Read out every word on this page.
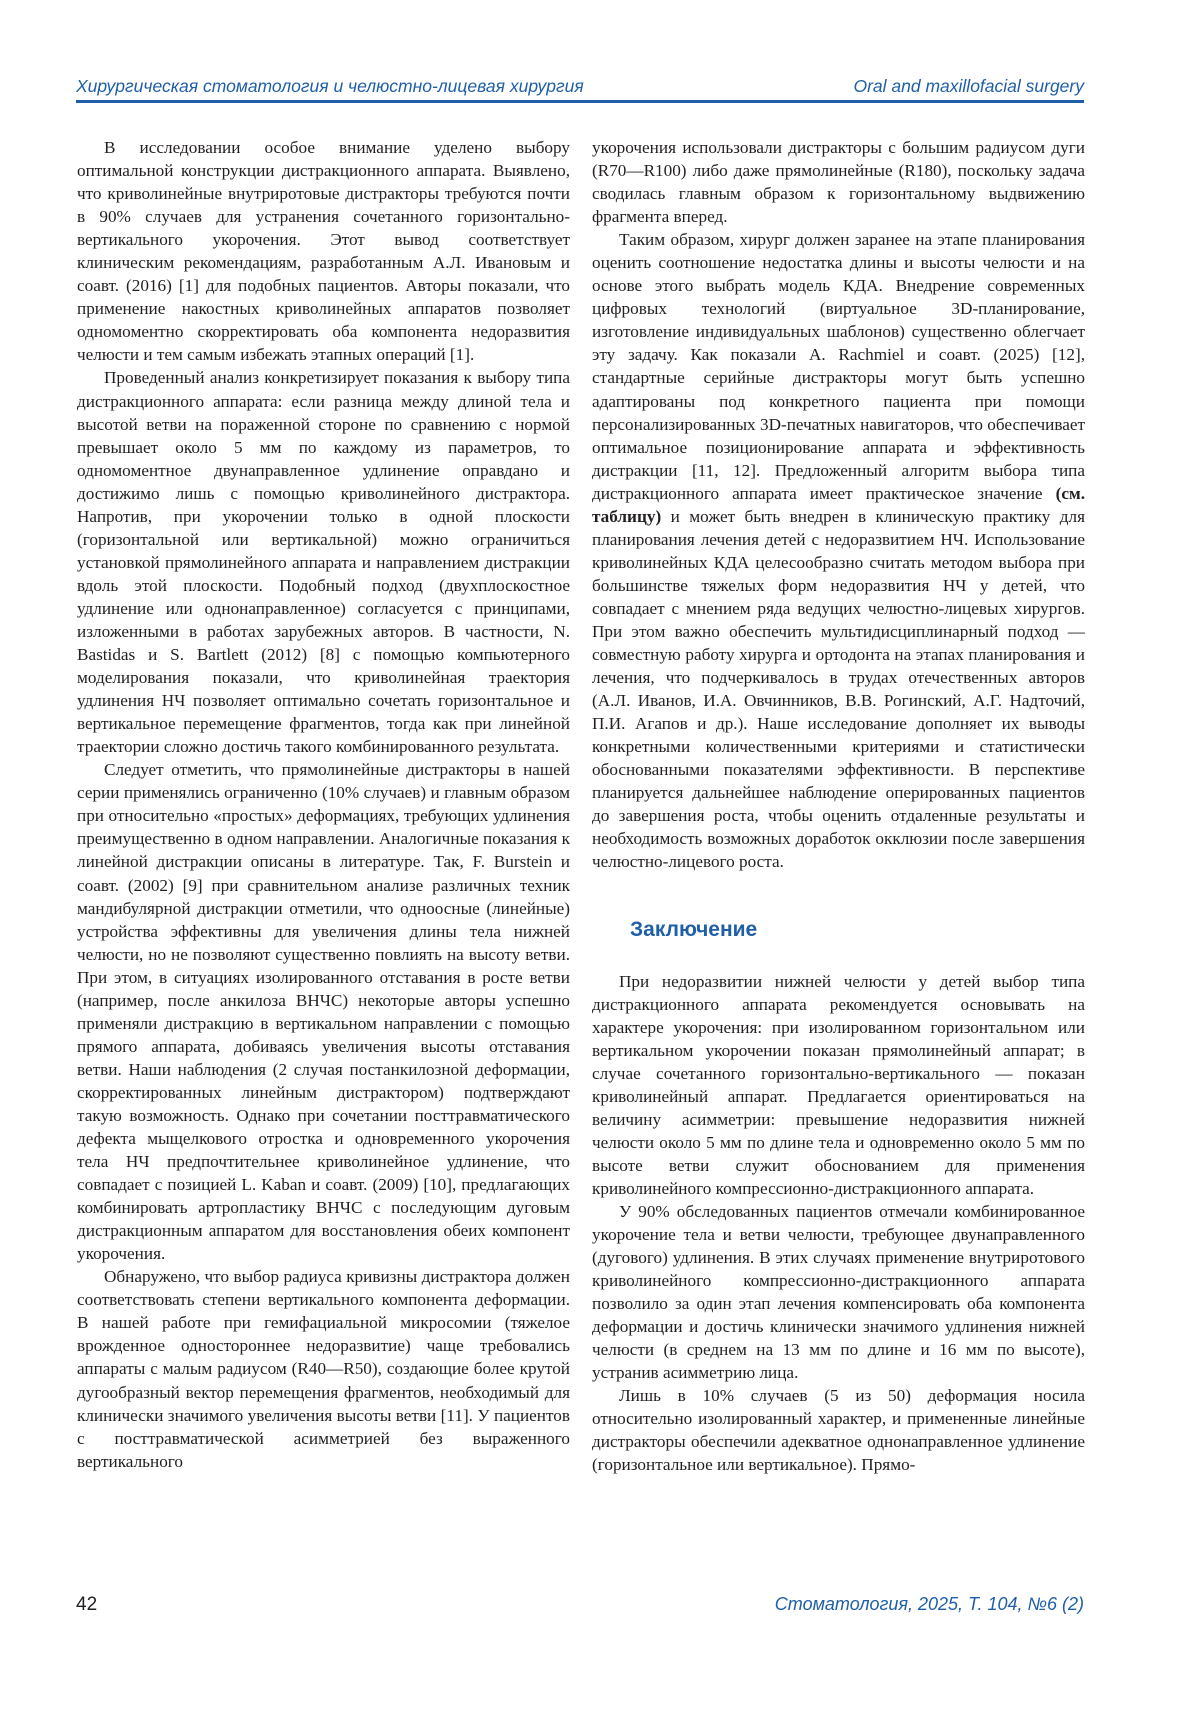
Хирургическая стоматология и челюстно-лицевая хирургия	Oral and maxillofacial surgery

В исследовании особое внимание уделено выбору оптимальной конструкции дистракционного аппарата. Выявлено, что криволинейные внутриротовые дистракторы требуются почти в 90% случаев для устранения сочетанного горизонтально-вертикального укорочения. Этот вывод соответствует клиническим рекомендациям, разработанным А.Л. Ивановым и соавт. (2016) [1] для подобных пациентов. Авторы показали, что применение накостных криволинейных аппаратов позволяет одномоментно скорректировать оба компонента недоразвития челюсти и тем самым избежать этапных операций [1].

Проведенный анализ конкретизирует показания к выбору типа дистракционного аппарата: если разница между длиной тела и высотой ветви на пораженной стороне по сравнению с нормой превышает около 5 мм по каждому из параметров, то одномоментное двунаправленное удлинение оправдано и достижимо лишь с помощью криволинейного дистрактора. Напротив, при укорочении только в одной плоскости (горизонтальной или вертикальной) можно ограничиться установкой прямолинейного аппарата и направлением дистракции вдоль этой плоскости. Подобный подход (двухплоскостное удлинение или однонаправленное) согласуется с принципами, изложенными в работах зарубежных авторов. В частности, N. Bastidas и S. Bartlett (2012) [8] с помощью компьютерного моделирования показали, что криволинейная траектория удлинения НЧ позволяет оптимально сочетать горизонтальное и вертикальное перемещение фрагментов, тогда как при линейной траектории сложно достичь такого комбинированного результата.

Следует отметить, что прямолинейные дистракторы в нашей серии применялись ограниченно (10% случаев) и главным образом при относительно «простых» деформациях, требующих удлинения преимущественно в одном направлении. Аналогичные показания к линейной дистракции описаны в литературе. Так, F. Burstein и соавт. (2002) [9] при сравнительном анализе различных техник мандибулярной дистракции отметили, что одноосные (линейные) устройства эффективны для увеличения длины тела нижней челюсти, но не позволяют существенно повлиять на высоту ветви. При этом, в ситуациях изолированного отставания в росте ветви (например, после анкилоза ВНЧС) некоторые авторы успешно применяли дистракцию в вертикальном направлении с помощью прямого аппарата, добиваясь увеличения высоты отставания ветви. Наши наблюдения (2 случая постанкилозной деформации, скорректированных линейным дистрактором) подтверждают такую возможность. Однако при сочетании посттравматического дефекта мыщелкового отростка и одновременного укорочения тела НЧ предпочтительнее криволинейное удлинение, что совпадает с позицией L. Kaban и соавт. (2009) [10], предлагающих комбинировать артропластику ВНЧС с последующим дуговым дистракционным аппаратом для восстановления обеих компонент укорочения.

Обнаружено, что выбор радиуса кривизны дистрактора должен соответствовать степени вертикального компонента деформации. В нашей работе при гемифациальной микросомии (тяжелое врожденное одностороннее недоразвитие) чаще требовались аппараты с малым радиусом (R40—R50), создающие более крутой дугообразный вектор перемещения фрагментов, необходимый для клинически значимого увеличения высоты ветви [11]. У пациентов с посттравматической асимметрией без выраженного вертикального

укорочения использовали дистракторы с большим радиусом дуги (R70—R100) либо даже прямолинейные (R180), поскольку задача сводилась главным образом к горизонтальному выдвижению фрагмента вперед.

Таким образом, хирург должен заранее на этапе планирования оценить соотношение недостатка длины и высоты челюсти и на основе этого выбрать модель КДА. Внедрение современных цифровых технологий (виртуальное 3D-планирование, изготовление индивидуальных шаблонов) существенно облегчает эту задачу. Как показали A. Rachmiel и соавт. (2025) [12], стандартные серийные дистракторы могут быть успешно адаптированы под конкретного пациента при помощи персонализированных 3D-печатных навигаторов, что обеспечивает оптимальное позиционирование аппарата и эффективность дистракции [11, 12]. Предложенный алгоритм выбора типа дистракционного аппарата имеет практическое значение (см. таблицу) и может быть внедрен в клиническую практику для планирования лечения детей с недоразвитием НЧ. Использование криволинейных КДА целесообразно считать методом выбора при большинстве тяжелых форм недоразвития НЧ у детей, что совпадает с мнением ряда ведущих челюстно-лицевых хирургов. При этом важно обеспечить мультидисциплинарный подход — совместную работу хирурга и ортодонта на этапах планирования и лечения, что подчеркивалось в трудах отечественных авторов (А.Л. Иванов, И.А. Овчинников, В.В. Рогинский, А.Г. Надточий, П.И. Агапов и др.). Наше исследование дополняет их выводы конкретными количественными критериями и статистически обоснованными показателями эффективности. В перспективе планируется дальнейшее наблюдение оперированных пациентов до завершения роста, чтобы оценить отдаленные результаты и необходимость возможных доработок окклюзии после завершения челюстно-лицевого роста.

Заключение

При недоразвитии нижней челюсти у детей выбор типа дистракционного аппарата рекомендуется основывать на характере укорочения: при изолированном горизонтальном или вертикальном укорочении показан прямолинейный аппарат; в случае сочетанного горизонтально-вертикального — показан криволинейный аппарат. Предлагается ориентироваться на величину асимметрии: превышение недоразвития нижней челюсти около 5 мм по длине тела и одновременно около 5 мм по высоте ветви служит обоснованием для применения криволинейного компрессионно-дистракционного аппарата.

У 90% обследованных пациентов отмечали комбинированное укорочение тела и ветви челюсти, требующее двунаправленного (дугового) удлинения. В этих случаях применение внутриротового криволинейного компрессионно-дистракционного аппарата позволило за один этап лечения компенсировать оба компонента деформации и достичь клинически значимого удлинения нижней челюсти (в среднем на 13 мм по длине и 16 мм по высоте), устранив асимметрию лица.

Лишь в 10% случаев (5 из 50) деформация носила относительно изолированный характер, и примененные линейные дистракторы обеспечили адекватное однонаправленное удлинение (горизонтальное или вертикальное). Прямо-

42	Стоматология, 2025, Т. 104, №6 (2)
